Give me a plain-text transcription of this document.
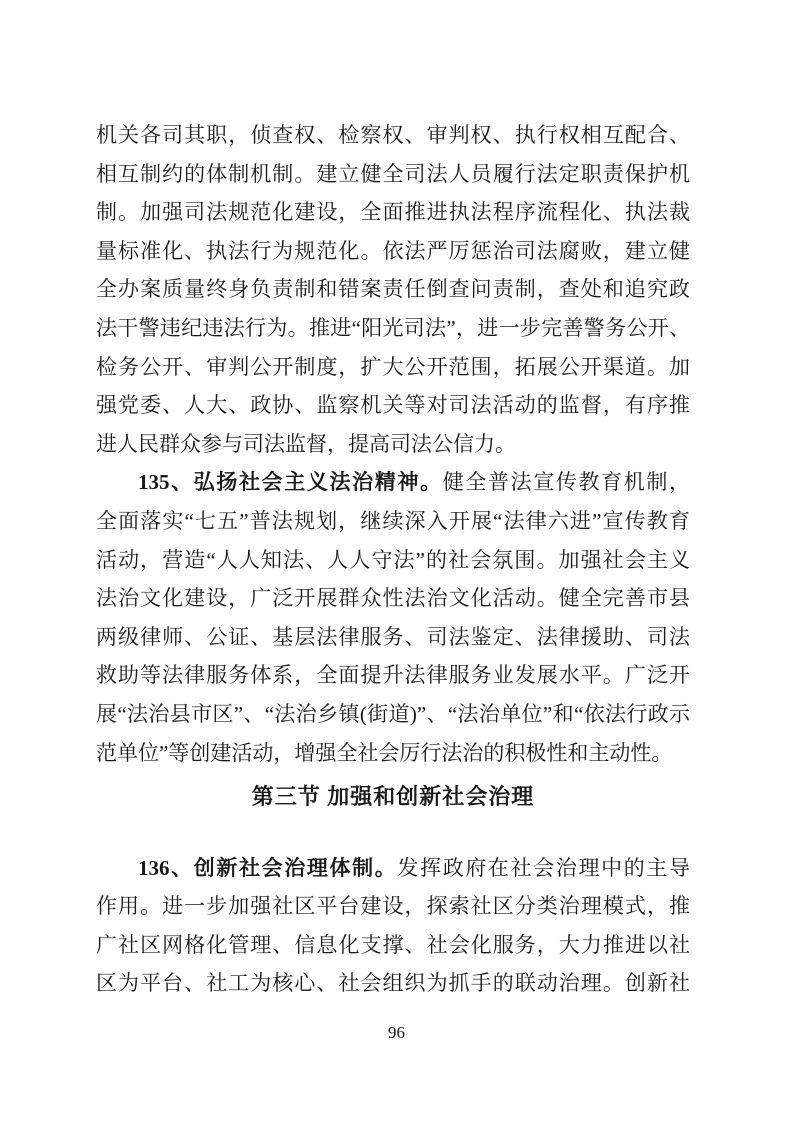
机关各司其职，侦查权、检察权、审判权、执行权相互配合、
相互制约的体制机制。建立健全司法人员履行法定职责保护机
制。加强司法规范化建设，全面推进执法程序流程化、执法裁
量标准化、执法行为规范化。依法严厉惩治司法腐败，建立健
全办案质量终身负责制和错案责任倒查问责制，查处和追究政
法干警违纪违法行为。推进“阳光司法”，进一步完善警务公开、
检务公开、审判公开制度，扩大公开范围，拓展公开渠道。加
强党委、人大、政协、监察机关等对司法活动的监督，有序推
进人民群众参与司法监督，提高司法公信力。
135、弘扬社会主义法治精神。健全普法宣传教育机制，
全面落实“七五”普法规划，继续深入开展“法律六进”宣传教育
活动，营造“人人知法、人人守法”的社会氛围。加强社会主义
法治文化建设，广泛开展群众性法治文化活动。健全完善市县
两级律师、公证、基层法律服务、司法鉴定、法律援助、司法
救助等法律服务体系，全面提升法律服务业发展水平。广泛开
展“法治县市区”、“法治乡镇(街道)”、“法治单位”和“依法行政示
范单位”等创建活动，增强全社会厉行法治的积极性和主动性。
第三节 加强和创新社会治理
136、创新社会治理体制。发挥政府在社会治理中的主导
作用。进一步加强社区平台建设，探索社区分类治理模式，推
广社区网格化管理、信息化支撑、社会化服务，大力推进以社
区为平台、社工为核心、社会组织为抓手的联动治理。创新社
96
